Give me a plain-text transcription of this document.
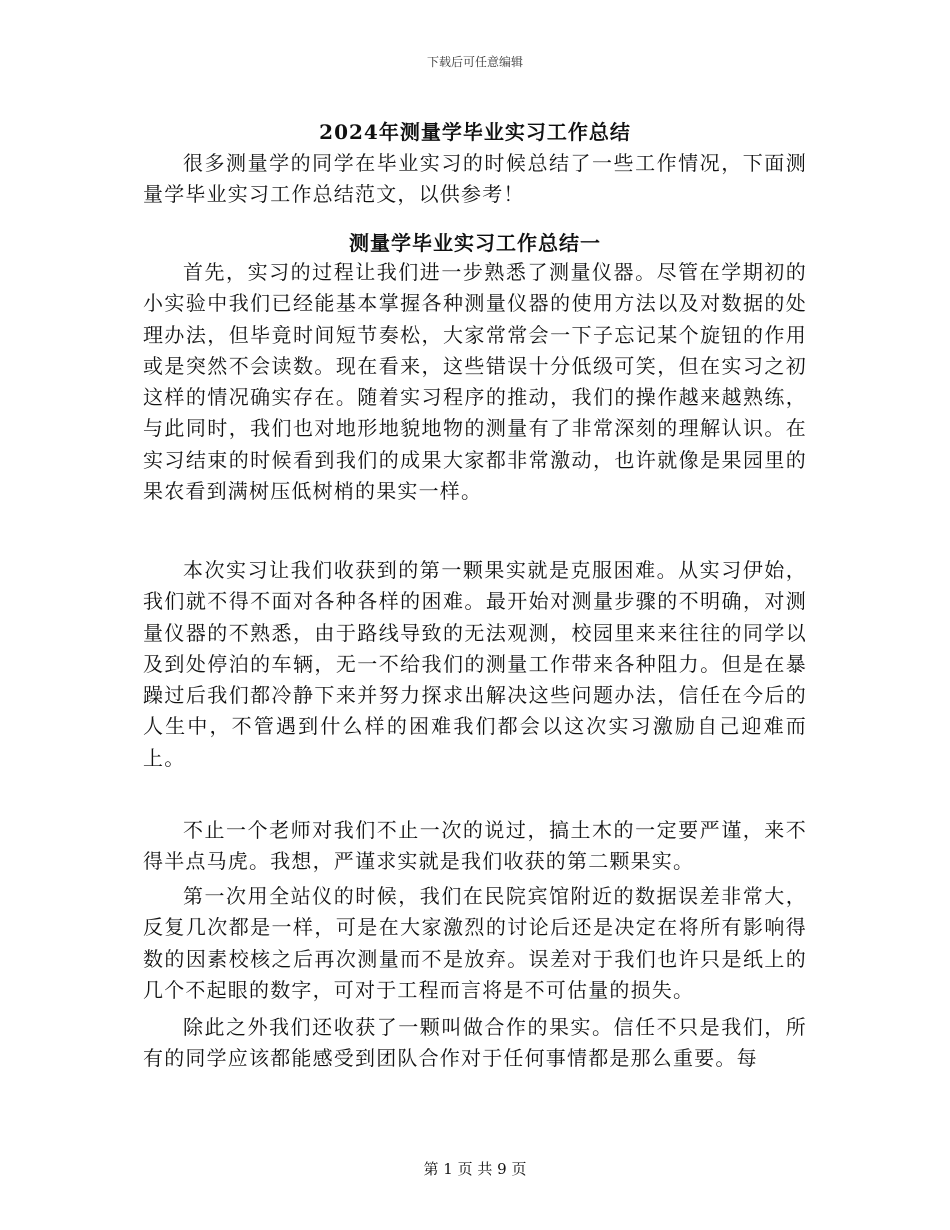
下载后可任意编辑
2024年测量学毕业实习工作总结

很多测量学的同学在毕业实习的时候总结了一些工作情况，下面测量学毕业实习工作总结范文，以供参考！

测量学毕业实习工作总结一

首先，实习的过程让我们进一步熟悉了测量仪器。尽管在学期初的小实验中我们已经能基本掌握各种测量仪器的使用方法以及对数据的处理办法，但毕竟时间短节奏松，大家常常会一下子忘记某个旋钮的作用或是突然不会读数。现在看来，这些错误十分低级可笑，但在实习之初这样的情况确实存在。随着实习程序的推动，我们的操作越来越熟练，与此同时，我们也对地形地貌地物的测量有了非常深刻的理解认识。在实习结束的时候看到我们的成果大家都非常激动，也许就像是果园里的果农看到满树压低树梢的果实一样。

本次实习让我们收获到的第一颗果实就是克服困难。从实习伊始，我们就不得不面对各种各样的困难。最开始对测量步骤的不明确，对测量仪器的不熟悉，由于路线导致的无法观测，校园里来来往往的同学以及到处停泊的车辆，无一不给我们的测量工作带来各种阻力。但是在暴躁过后我们都冷静下来并努力探求出解决这些问题办法，信任在今后的人生中，不管遇到什么样的困难我们都会以这次实习激励自己迎难而上。

不止一个老师对我们不止一次的说过，搞土木的一定要严谨，来不得半点马虎。我想，严谨求实就是我们收获的第二颗果实。

第一次用全站仪的时候，我们在民院宾馆附近的数据误差非常大，反复几次都是一样，可是在大家激烈的讨论后还是决定在将所有影响得数的因素校核之后再次测量而不是放弃。误差对于我们也许只是纸上的几个不起眼的数字，可对于工程而言将是不可估量的损失。

除此之外我们还收获了一颗叫做合作的果实。信任不只是我们，所有的同学应该都能感受到团队合作对于任何事情都是那么重要。每

第 1 页 共 9 页
